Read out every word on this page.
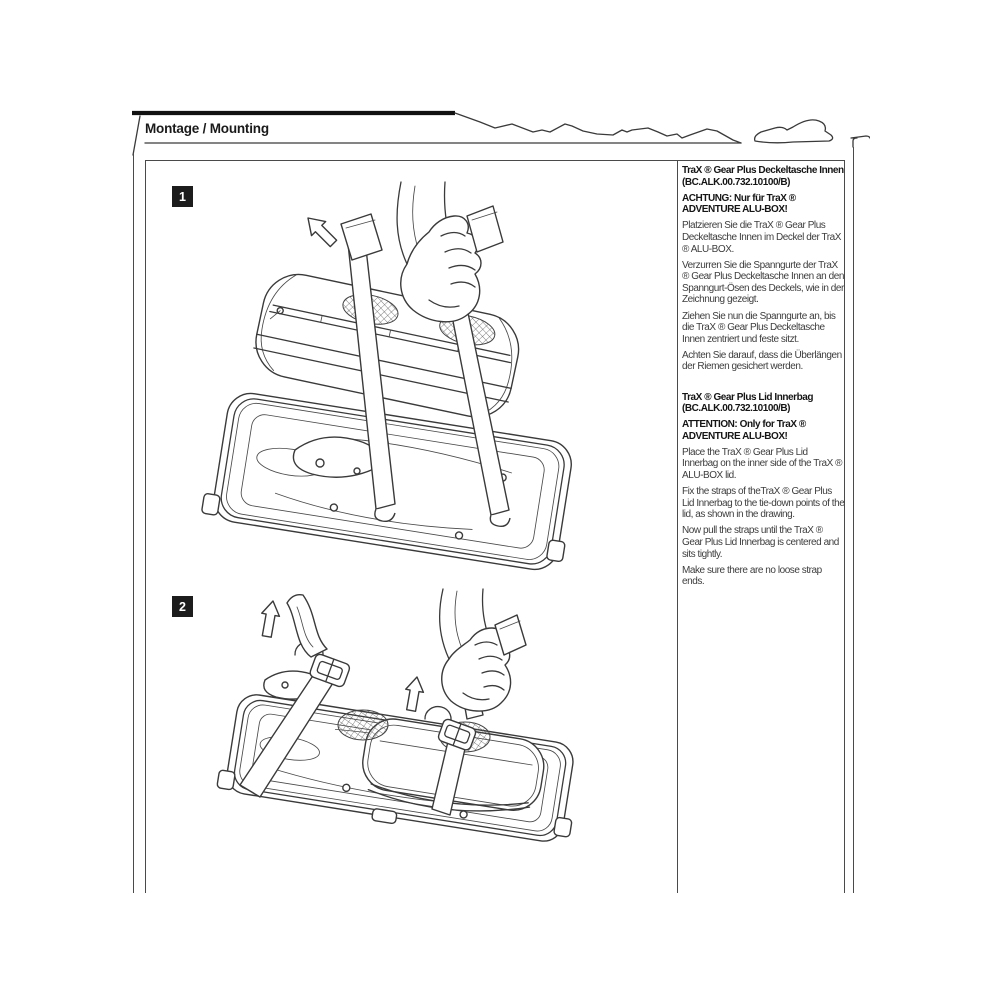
Montage / Mounting
1
2

TraX ® Gear Plus Deckeltasche Innen (BC.ALK.00.732.10100/B)

ACHTUNG: Nur für TraX ® ADVENTURE ALU-BOX!

Platzieren Sie die TraX ® Gear Plus Deckeltasche Innen im Deckel der TraX ® ALU-BOX.

Verzurren Sie die Spanngurte der TraX ® Gear Plus Deckeltasche Innen an den Spanngurt-Ösen des Deckels, wie in der Zeichnung gezeigt.

Ziehen Sie nun die Spanngurte an, bis die TraX ® Gear Plus Deckeltasche Innen zentriert und feste sitzt.

Achten Sie darauf, dass die Überlängen der Riemen gesichert werden.

TraX ® Gear Plus Lid Innerbag (BC.ALK.00.732.10100/B)

ATTENTION: Only for TraX ® ADVENTURE ALU-BOX!

Place the TraX ® Gear Plus Lid Innerbag on the inner side of the TraX ® ALU-BOX lid.

Fix the straps of theTraX ® Gear Plus Lid Innerbag to the tie-down points of the lid, as shown in the drawing.

Now pull the straps until the TraX ® Gear Plus Lid Innerbag is centered and sits tightly.

Make sure there are no loose strap ends.
